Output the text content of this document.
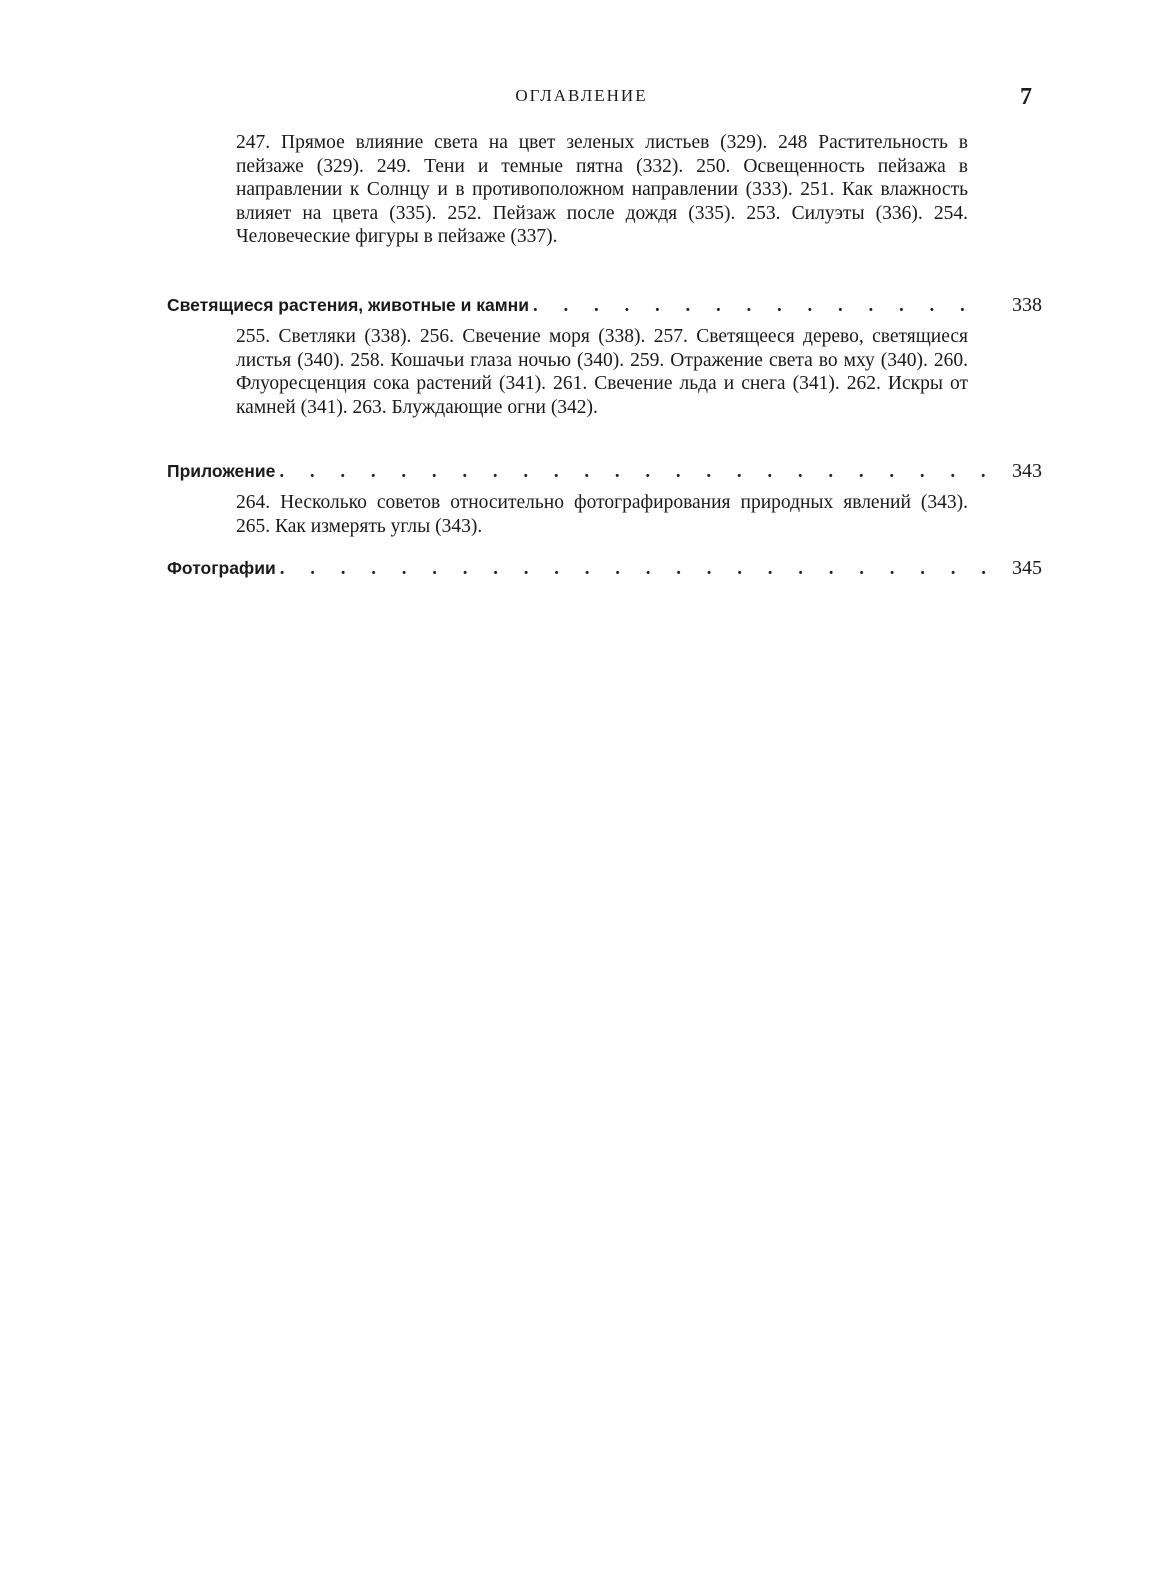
ОГЛАВЛЕНИЕ	7
247. Прямое влияние света на цвет зеленых листьев (329). 248 Растительность в пейзаже (329). 249. Тени и темные пятна (332). 250. Освещенность пейзажа в направлении к Солнцу и в противоположном направлении (333). 251. Как влажность влияет на цвета (335). 252. Пейзаж после дождя (335). 253. Силуэты (336). 254. Человеческие фигуры в пейзаже (337).
Светящиеся растения, животные и камни . . .	338
255. Светляки (338). 256. Свечение моря (338). 257. Светящееся дерево, светящиеся листья (340). 258. Кошачьи глаза ночью (340). 259. Отражение света во мху (340). 260. Флуоресценция сока растений (341). 261. Свечение льда и снега (341). 262. Искры от камней (341). 263. Блуждающие огни (342).
Приложение . . .	343
264. Несколько советов относительно фотографирования природных явлений (343). 265. Как измерять углы (343).
Фотографии . . .	345
